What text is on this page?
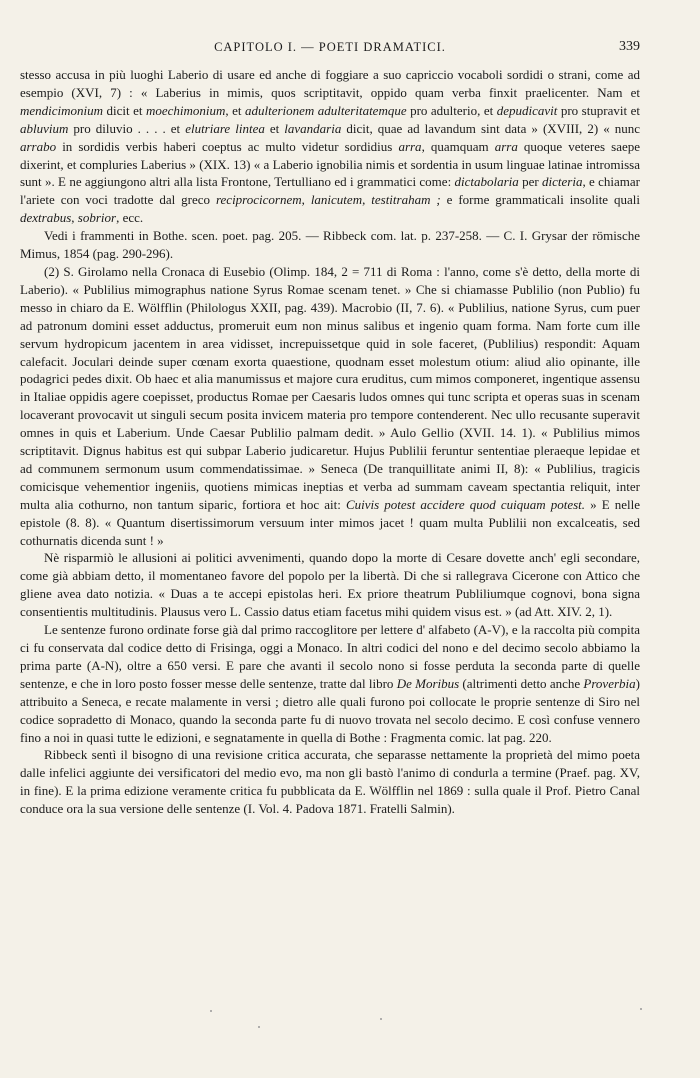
CAPITOLO I. — POETI DRAMATICI.	339

stesso accusa in più luoghi Laberio di usare ed anche di foggiare a suo capriccio vocaboli sordidi o strani, come ad esempio (XVI, 7) : « Laberius in mimis, quos scriptitavit, oppido quam verba finxit praelicenter. Nam et mendicimonium dicit et moechimonium, et adulterionem adulteritatemque pro adulterio, et depudicavit pro stupravit et abluvium pro diluvio . . . . et elutriare lintea et lavandaria dicit, quae ad lavandum sint data » (XVIII, 2) « nunc arrabo in sordidis verbis haberi coeptus ac multo videtur sordidius arra, quamquam arra quoque veteres saepe dixerint, et compluries Laberius » (XIX. 13) « a Laberio ignobilia nimis et sordentia in usum linguae latinae intromissa sunt ». E ne aggiungono altri alla lista Frontone, Tertulliano ed i grammatici come: dictabolaria per dicteria, e chiamar l'ariete con voci tradotte dal greco reciprocicornem, lanicutem, testitraham ; e forme grammaticali insolite quali dextrabus, sobrior, ecc.

Vedi i frammenti in Bothe. scen. poet. pag. 205. — Ribbeck com. lat. p. 237-258. — C. I. Grysar der römische Mimus, 1854 (pag. 290-296).

(2) S. Girolamo nella Cronaca di Eusebio (Olimp. 184, 2 = 711 di Roma : l'anno, come s'è detto, della morte di Laberio). « Publilius mimographus natione Syrus Romae scenam tenet. » Che si chiamasse Publilio (non Publio) fu messo in chiaro da E. Wölfflin (Philologus XXII, pag. 439). Macrobio (II, 7. 6). « Publilius, natione Syrus, cum puer ad patronum domini esset adductus, promeruit eum non minus salibus et ingenio quam forma. Nam forte cum ille servum hydropicum jacentem in area vidisset, increpuissetque quid in sole faceret, (Publilius) respondit: Aquam calefacit. Joculari deinde super cœnam exorta quaestione, quodnam esset molestum otium: aliud alio opinante, ille podagrici pedes dixit. Ob haec et alia manumissus et majore cura eruditus, cum mimos componeret, ingentique assensu in Italiae oppidis agere coepisset, productus Romae per Caesaris ludos omnes qui tunc scripta et operas suas in scenam locaverant provocavit ut singuli secum posita invicem materia pro tempore contenderent. Nec ullo recusante superavit omnes in quis et Laberium. Unde Caesar Publilio palmam dedit. » Aulo Gellio (XVII. 14. 1). « Publilius mimos scriptitavit. Dignus habitus est qui subpar Laberio judicaretur. Hujus Publilii feruntur sententiae pleraeque lepidae et ad communem sermonum usum commendatissimae. » Seneca (De tranquillitate animi II, 8): « Publilius, tragicis comicisque vehementior ingeniis, quotiens mimicas ineptias et verba ad summam caveam spectantia reliquit, inter multa alia cothurno, non tantum siparic, fortiora et hoc ait: Cuivis potest accidere quod cuiquam potest. » E nelle epistole (8. 8). « Quantum disertissimorum versuum inter mimos jacet ! quam multa Publilii non excalceatis, sed cothurnatis dicenda sunt ! »

Nè risparmiò le allusioni ai politici avvenimenti, quando dopo la morte di Cesare dovette anch' egli secondare, come già abbiam detto, il momentaneo favore del popolo per la libertà. Di che si rallegrava Cicerone con Attico che gliene avea dato notizia. « Duas a te accepi epistolas heri. Ex priore theatrum Publiliumque cognovi, bona signa consentientis multitudinis. Plausus vero L. Cassio datus etiam facetus mihi quidem visus est. » (ad Att. XIV. 2, 1).

Le sentenze furono ordinate forse già dal primo raccoglitore per lettere d' alfabeto (A-V), e la raccolta più compita ci fu conservata dal codice detto di Frisinga, oggi a Monaco. In altri codici del nono e del decimo secolo abbiamo la prima parte (A-N), oltre a 650 versi. E pare che avanti il secolo nono si fosse perduta la seconda parte di quelle sentenze, e che in loro posto fosser messe delle sentenze, tratte dal libro De Moribus (altrimenti detto anche Proverbia) attribuito a Seneca, e recate malamente in versi ; dietro alle quali furono poi collocate le proprie sentenze di Siro nel codice sopradetto di Monaco, quando la seconda parte fu di nuovo trovata nel secolo decimo. E così confuse vennero fino a noi in quasi tutte le edizioni, e segnatamente in quella di Bothe : Fragmenta comic. lat pag. 220.

Ribbeck sentì il bisogno di una revisione critica accurata, che separasse nettamente la proprietà del mimo poeta dalle infelici aggiunte dei versificatori del medio evo, ma non gli bastò l'animo di condurla a termine (Praef. pag. XV, in fine). E la prima edizione veramente critica fu pubblicata da E. Wölfflin nel 1869 : sulla quale il Prof. Pietro Canal conduce ora la sua versione delle sentenze (I. Vol. 4. Padova 1871. Fratelli Salmin).
